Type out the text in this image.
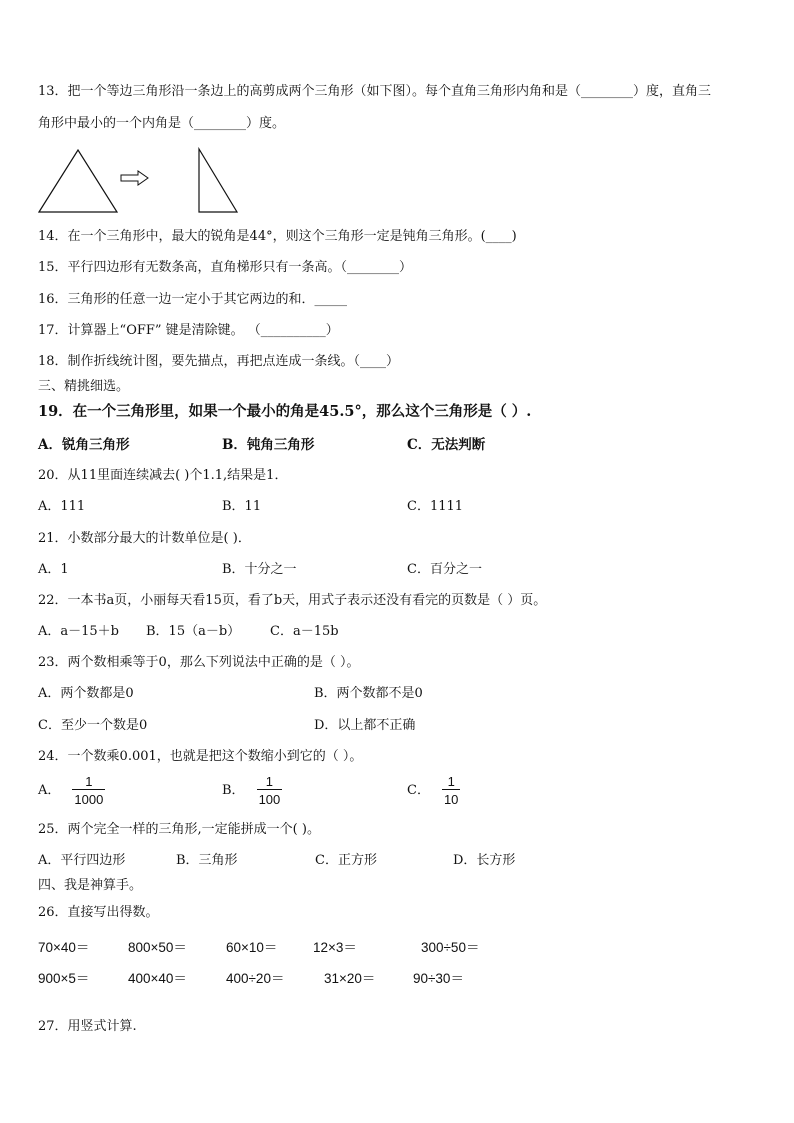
13．把一个等边三角形沿一条边上的高剪成两个三角形（如下图）。每个直角三角形内角和是（________）度，直角三
角形中最小的一个内角是（________）度。
14．在一个三角形中，最大的锐角是44°，则这个三角形一定是钝角三角形。(____)
15．平行四边形有无数条高，直角梯形只有一条高。（________）
16．三角形的任意一边一定小于其它两边的和．_____
17．计算器上“OFF” 键是清除键。 （__________）
18．制作折线统计图，要先描点，再把点连成一条线。（____）
三、精挑细选。
19．在一个三角形里，如果一个最小的角是45.5°，那么这个三角形是（ ）.
A．锐角三角形	B．钝角三角形	C．无法判断
20．从11里面连续减去( )个1.1,结果是1．
A．111	B．11	C．1111
21．小数部分最大的计数单位是( )．
A．1	B．十分之一	C．百分之一
22．一本书a页，小丽每天看15页，看了b天，用式子表示还没有看完的页数是（ ）页。
A．a－15＋b B．15（a－b） C．a－15b
23．两个数相乘等于0，那么下列说法中正确的是（ ）。
A．两个数都是0	B．两个数都不是0
C．至少一个数是0	D．以上都不正确
24．一个数乘0.001，也就是把这个数缩小到它的（ ）。
A． $\frac{1}{1000}$	B． $\frac{1}{100}$	C． $\frac{1}{10}$
25．两个完全一样的三角形,一定能拼成一个( )。
A．平行四边形	B．三角形	C．正方形	D．长方形
四、我是神算手。
26．直接写出得数。
70×40＝	800×50＝	60×10＝	12×3＝	300÷50＝
900×5＝	400×40＝	400÷20＝	31×20＝	90÷30＝
27．用竖式计算.
